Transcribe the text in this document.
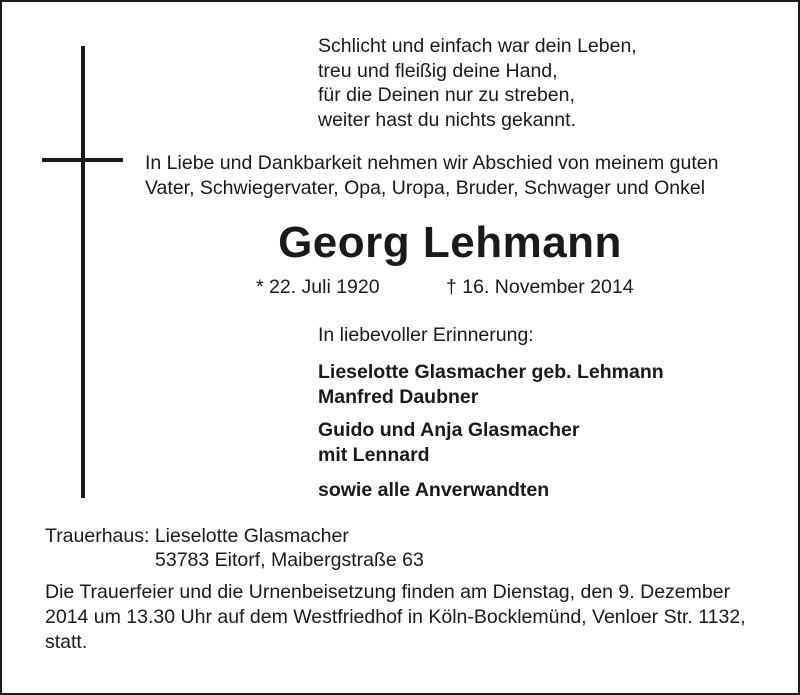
Schlicht und einfach war dein Leben,
treu und fleißig deine Hand,
für die Deinen nur zu streben,
weiter hast du nichts gekannt.
In Liebe und Dankbarkeit nehmen wir Abschied von meinem guten
Vater, Schwiegervater, Opa, Uropa, Bruder, Schwager und Onkel
Georg Lehmann
* 22. Juli 1920	† 16. November 2014
In liebevoller Erinnerung:
Lieselotte Glasmacher geb. Lehmann
Manfred Daubner
Guido und Anja Glasmacher
mit Lennard
sowie alle Anverwandten
Trauerhaus: Lieselotte Glasmacher
53783 Eitorf, Maibergstraße 63
Die Trauerfeier und die Urnenbeisetzung finden am Dienstag, den 9. Dezember
2014 um 13.30 Uhr auf dem Westfriedhof in Köln-Bocklemünd, Venloer Str. 1132,
statt.
